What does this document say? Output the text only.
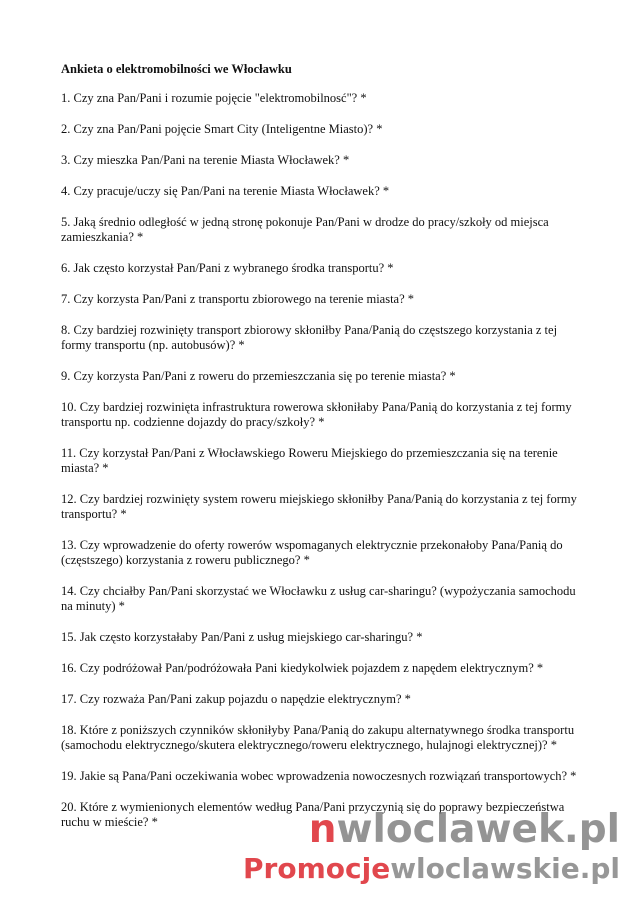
Ankieta o elektromobilności we Włocławku
1. Czy zna Pan/Pani i rozumie pojęcie "elektromobilnosć"? *
2. Czy zna Pan/Pani pojęcie Smart City (Inteligentne Miasto)? *
3. Czy mieszka Pan/Pani na terenie Miasta Włocławek? *
4. Czy pracuje/uczy się Pan/Pani na terenie Miasta Włocławek? *
5. Jaką średnio odległość w jedną stronę pokonuje Pan/Pani w drodze do pracy/szkoły od miejsca zamieszkania? *
6. Jak często korzystał Pan/Pani z wybranego środka transportu? *
7. Czy korzysta Pan/Pani z transportu zbiorowego na terenie miasta? *
8. Czy bardziej rozwinięty transport zbiorowy skłoniłby Pana/Panią do częstszego korzystania z tej formy transportu (np. autobusów)? *
9. Czy korzysta Pan/Pani z roweru do przemieszczania się po terenie miasta? *
10. Czy bardziej rozwinięta infrastruktura rowerowa skłoniłaby Pana/Panią do korzystania z tej formy transportu np. codzienne dojazdy do pracy/szkoły? *
11. Czy korzystał Pan/Pani z Włocławskiego Roweru Miejskiego do przemieszczania się na terenie miasta? *
12. Czy bardziej rozwinięty system roweru miejskiego skłoniłby Pana/Panią do korzystania z tej formy transportu? *
13. Czy wprowadzenie do oferty rowerów wspomaganych elektrycznie przekonałoby Pana/Panią do (częstszego) korzystania z roweru publicznego? *
14. Czy chciałby Pan/Pani skorzystać we Włocławku z usług car-sharingu? (wypożyczania samochodu na minuty) *
15. Jak często korzystałaby Pan/Pani z usług miejskiego car-sharingu? *
16. Czy podróżował Pan/podróżowała Pani kiedykolwiek pojazdem z napędem elektrycznym? *
17. Czy rozważa Pan/Pani zakup pojazdu o napędzie elektrycznym? *
18. Które z poniższych czynników skłoniłyby Pana/Panią do zakupu alternatywnego środka transportu (samochodu elektrycznego/skutera elektrycznego/roweru elektrycznego, hulajnogi elektrycznej)? *
19. Jakie są Pana/Pani oczekiwania wobec wprowadzenia nowoczesnych rozwiązań transportowych? *
20. Które z wymienionych elementów według Pana/Pani przyczynią się do poprawy bezpieczeństwa ruchu w mieście? *	nwloclawek.pl
Promocjewloclawskie.pl
